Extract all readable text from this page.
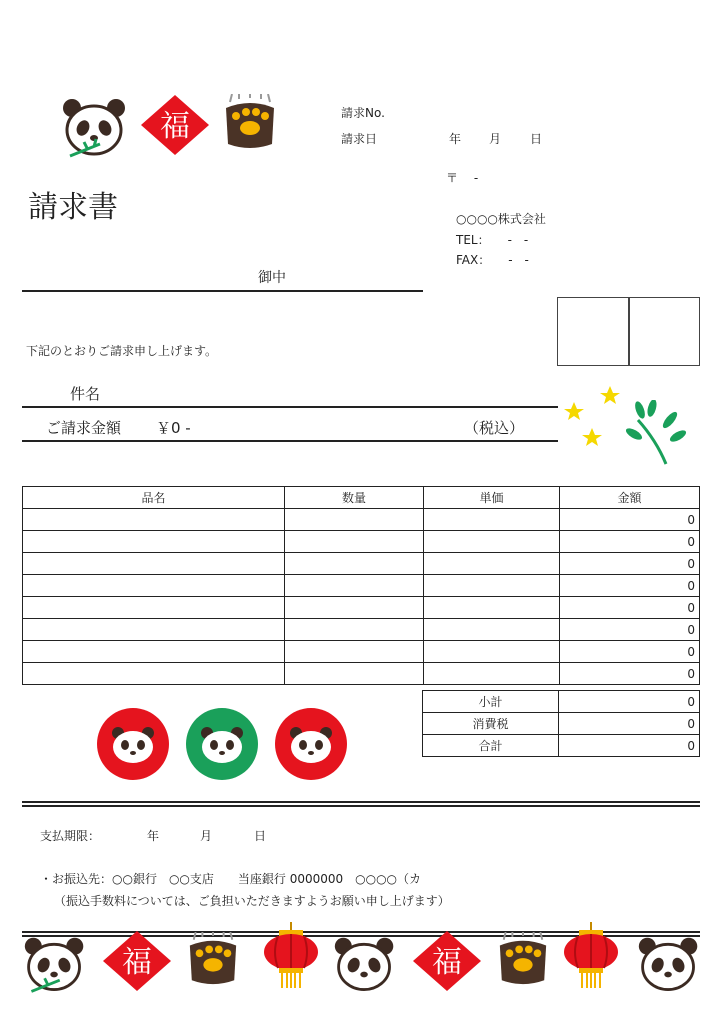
福	請求No.
請求日	年 月 日
〒　 -
請求書	○○○○株式会社
TEL：　　-　-
FAX：　　-　-
御中
下記のとおりご請求申し上げます。
件名
ご請求金額 ￥0 -	（税込）
品名	数量	単価	金額
			0
			0
			0
			0
			0
			0
			0
			0
小計	0
消費税	0
合計	0
支払期限：	年	月	日
・お振込先：○○銀行　○○支店　　当座銀行 0000000　○○○○（カ
（振込手数料については、ご負担いただきますようお願い申し上げます）
福	福
